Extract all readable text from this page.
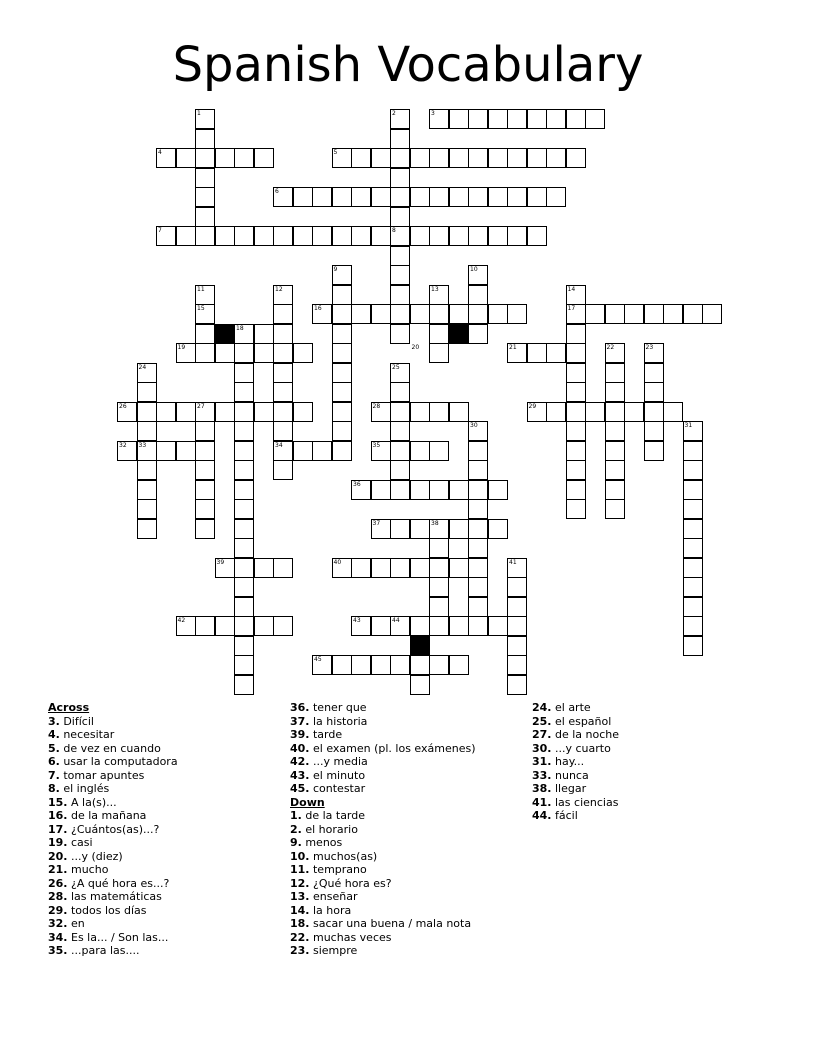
Spanish Vocabulary
1	2	3
4	5
6
7	8
9	10
11	12	13	14
15	16	17
18
19	20	21	22	23
24	25
26	27	28	29
30	31
32 33	34	35
36
37	38
39	40	41
42	43	44
45
Across
3. Difícil
4. necesitar
5. de vez en cuando
6. usar la computadora
7. tomar apuntes
8. el inglés
15. A la(s)...
16. de la mañana
17. ¿Cuántos(as)...?
19. casi
20. ...y (diez)
21. mucho
26. ¿A qué hora es...?
28. las matemáticas
29. todos los días
32. en
34. Es la... / Son las...
35. ...para las....
36. tener que
37. la historia
39. tarde
40. el examen (pl. los exámenes)
42. ...y media
43. el minuto
45. contestar
Down
1. de la tarde
2. el horario
9. menos
10. muchos(as)
11. temprano
12. ¿Qué hora es?
13. enseñar
14. la hora
18. sacar una buena / mala nota
22. muchas veces
23. siempre
24. el arte
25. el español
27. de la noche
30. ...y cuarto
31. hay...
33. nunca
38. llegar
41. las ciencias
44. fácil
